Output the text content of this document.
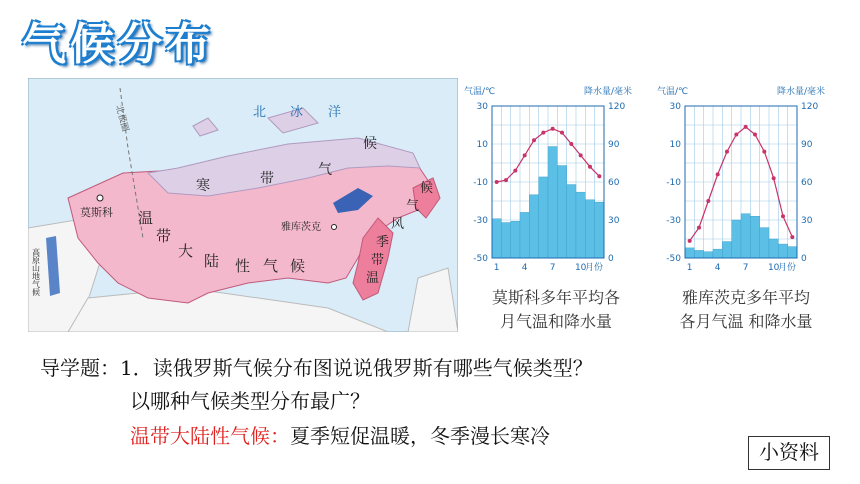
气候分布
北极圈	北 冰 洋
莫斯科
雅库茨克
寒	带
气
候
温
带
大
陆 性 气 候
温
带
季
风
气
候
高原山地气候
气温/℃	降水量/毫米
30
10
-10
-30
-50
120
90
60
30
0
1 4 7 10
月份
莫斯科多年平均各
月气温和降水量
气温/℃	降水量/毫米
30
10
-10
-30
-50
120
90
60
30
0
1 4 7 10
月份
雅库茨克多年平均
各月气温 和降水量
导学题：1．读俄罗斯气候分布图说说俄罗斯有哪些气候类型？
以哪种气候类型分布最广？
温带大陆性气候：夏季短促温暖，冬季漫长寒冷
小资料
